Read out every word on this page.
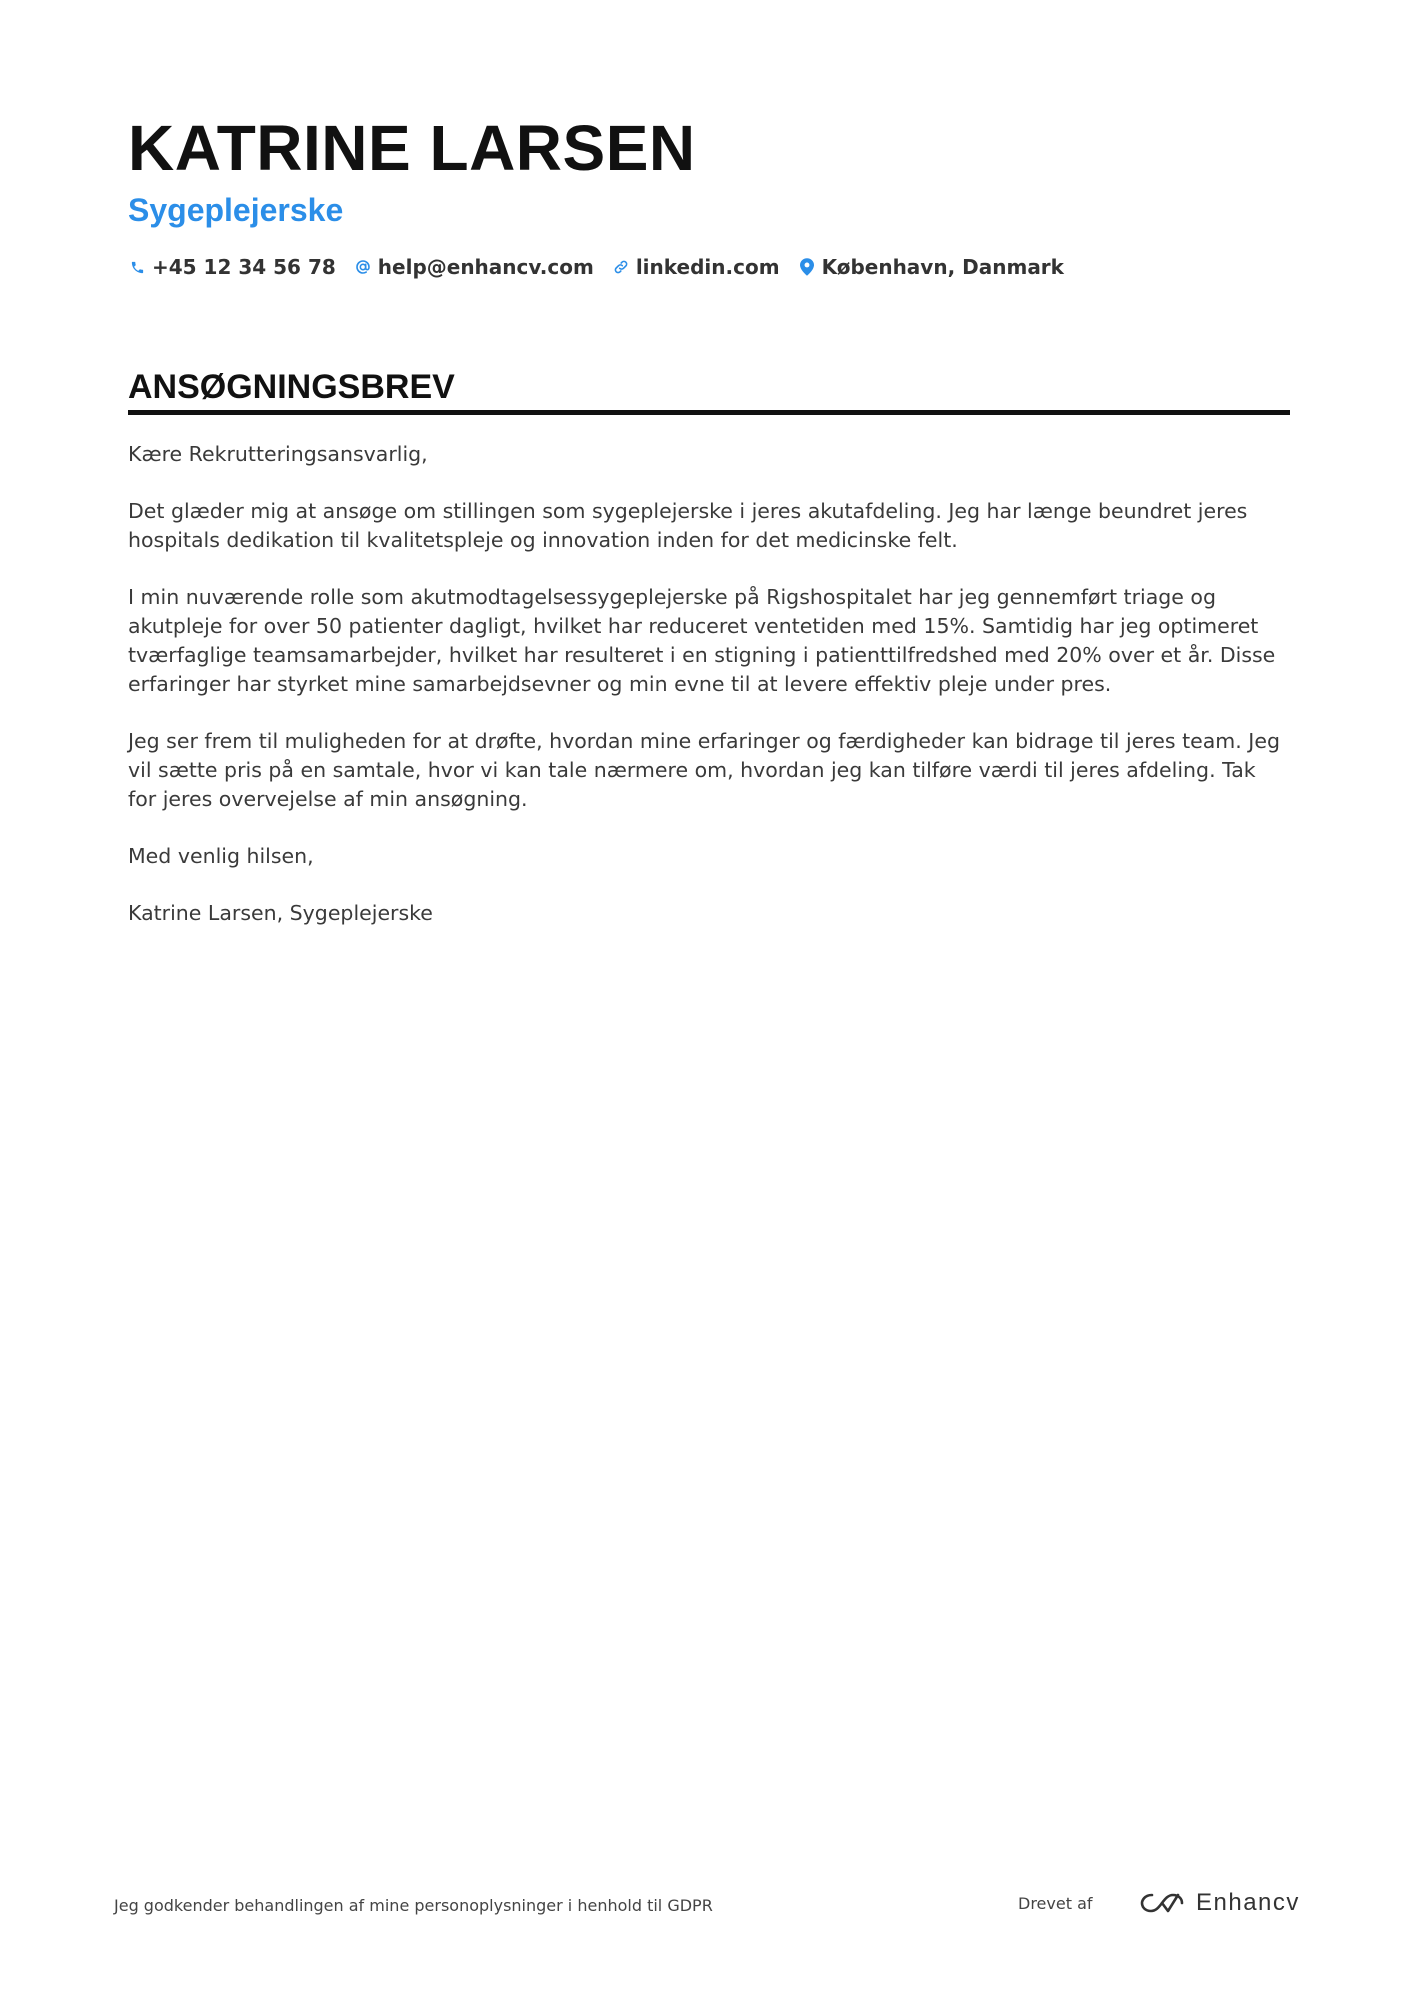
KATRINE LARSEN
Sygeplejerske
+45 12 34 56 78 help@enhancv.com linkedin.com København, Danmark
ANSØGNINGSBREV

Kære Rekrutteringsansvarlig,

Det glæder mig at ansøge om stillingen som sygeplejerske i jeres akutafdeling. Jeg har længe beundret jeres hospitals dedikation til kvalitetspleje og innovation inden for det medicinske felt.

I min nuværende rolle som akutmodtagelsessygeplejerske på Rigshospitalet har jeg gennemført triage og akutpleje for over 50 patienter dagligt, hvilket har reduceret ventetiden med 15%. Samtidig har jeg optimeret tværfaglige teamsamarbejder, hvilket har resulteret i en stigning i patienttilfredshed med 20% over et år. Disse erfaringer har styrket mine samarbejdsevner og min evne til at levere effektiv pleje under pres.

Jeg ser frem til muligheden for at drøfte, hvordan mine erfaringer og færdigheder kan bidrage til jeres team. Jeg vil sætte pris på en samtale, hvor vi kan tale nærmere om, hvordan jeg kan tilføre værdi til jeres afdeling. Tak for jeres overvejelse af min ansøgning.

Med venlig hilsen,

Katrine Larsen, Sygeplejerske

Jeg godkender behandlingen af mine personoplysninger i henhold til GDPR	Drevet af	Enhancv
